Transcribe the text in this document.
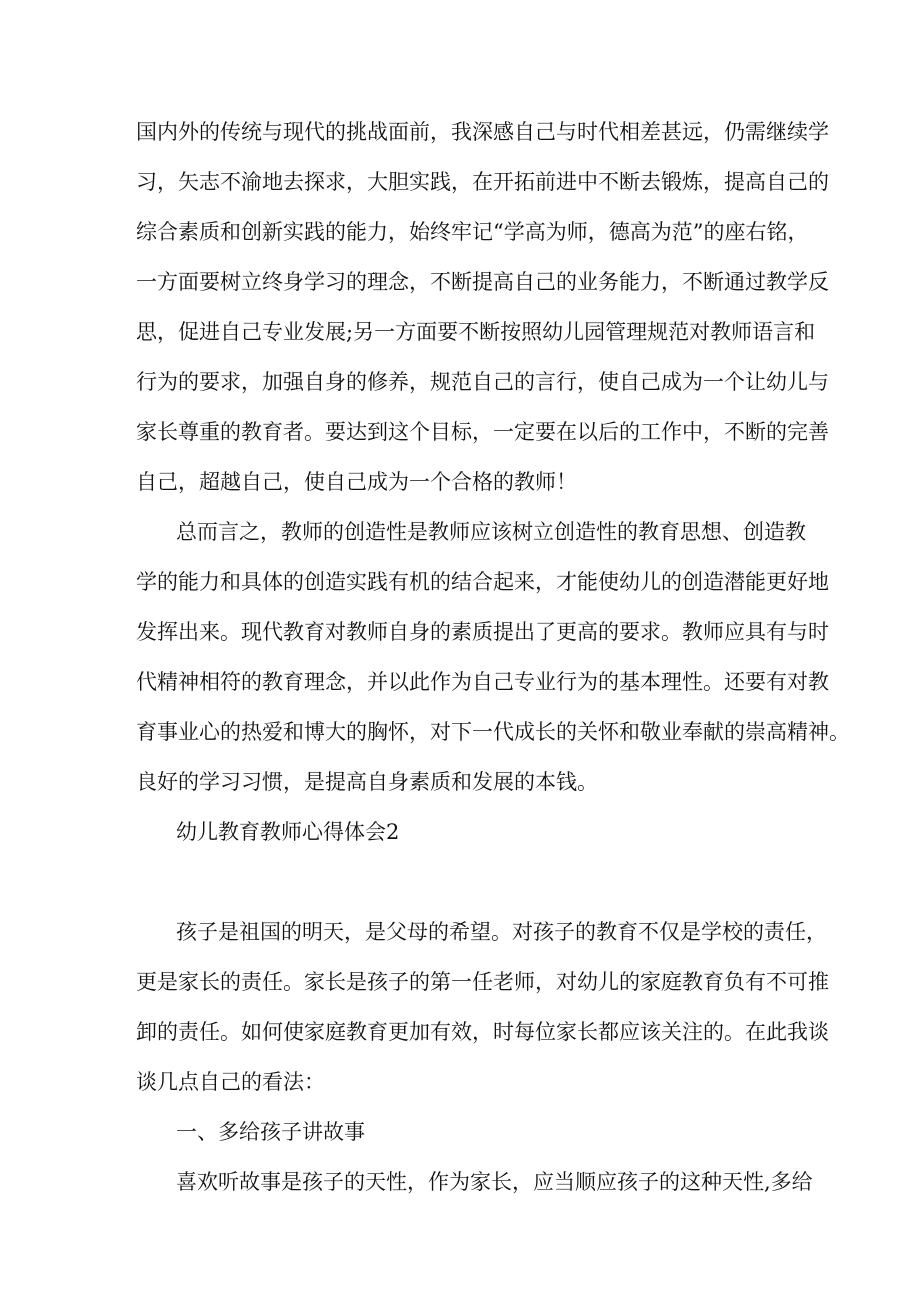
国内外的传统与现代的挑战面前，我深感自己与时代相差甚远，仍需继续学
习，矢志不渝地去探求，大胆实践，在开拓前进中不断去锻炼，提高自己的
综合素质和创新实践的能力，始终牢记“学高为师，德高为范”的座右铭，
一方面要树立终身学习的理念，不断提高自己的业务能力，不断通过教学反
思，促进自己专业发展;另一方面要不断按照幼儿园管理规范对教师语言和
行为的要求，加强自身的修养，规范自己的言行，使自己成为一个让幼儿与
家长尊重的教育者。要达到这个目标，一定要在以后的工作中，不断的完善
自己，超越自己，使自己成为一个合格的教师！
总而言之，教师的创造性是教师应该树立创造性的教育思想、创造教
学的能力和具体的创造实践有机的结合起来，才能使幼儿的创造潜能更好地
发挥出来。现代教育对教师自身的素质提出了更高的要求。教师应具有与时
代精神相符的教育理念，并以此作为自己专业行为的基本理性。还要有对教
育事业心的热爱和博大的胸怀，对下一代成长的关怀和敬业奉献的崇高精神。
良好的学习习惯，是提高自身素质和发展的本钱。
幼儿教育教师心得体会2
孩子是祖国的明天，是父母的希望。对孩子的教育不仅是学校的责任，
更是家长的责任。家长是孩子的第一任老师，对幼儿的家庭教育负有不可推
卸的责任。如何使家庭教育更加有效，时每位家长都应该关注的。在此我谈
谈几点自己的看法：
一、多给孩子讲故事
喜欢听故事是孩子的天性，作为家长，应当顺应孩子的这种天性,多给
